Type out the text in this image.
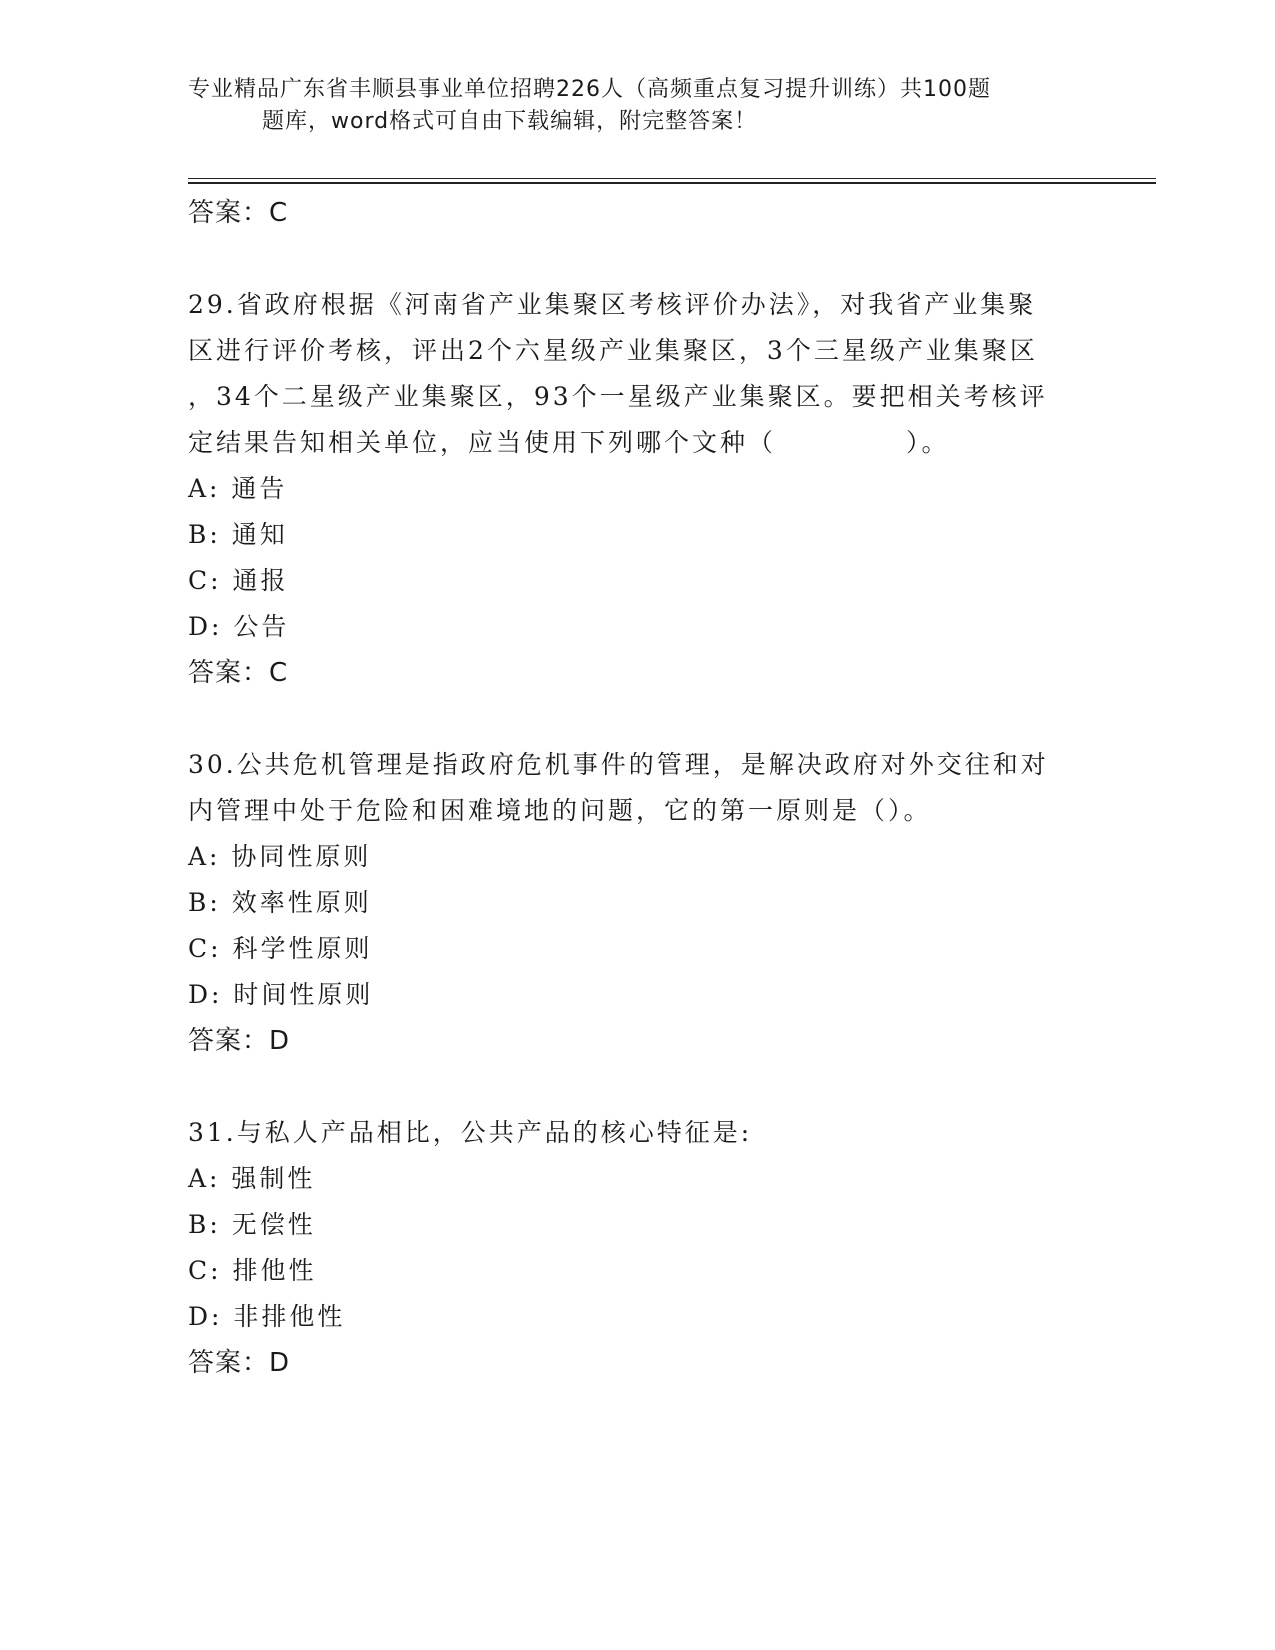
专业精品广东省丰顺县事业单位招聘226人（高频重点复习提升训练）共100题
题库，word格式可自由下载编辑，附完整答案！
答案：C
29.省政府根据《河南省产业集聚区考核评价办法》，对我省产业集聚
区进行评价考核，评出2个六星级产业集聚区，3个三星级产业集聚区
，34个二星级产业集聚区，93个一星级产业集聚区。要把相关考核评
定结果告知相关单位，应当使用下列哪个文种（	）。
A: 通告
B: 通知
C: 通报
D: 公告
答案：C
30.公共危机管理是指政府危机事件的管理，是解决政府对外交往和对
内管理中处于危险和困难境地的问题，它的第一原则是（）。
A: 协同性原则
B: 效率性原则
C: 科学性原则
D: 时间性原则
答案：D
31.与私人产品相比，公共产品的核心特征是:
A: 强制性
B: 无偿性
C: 排他性
D: 非排他性
答案：D
